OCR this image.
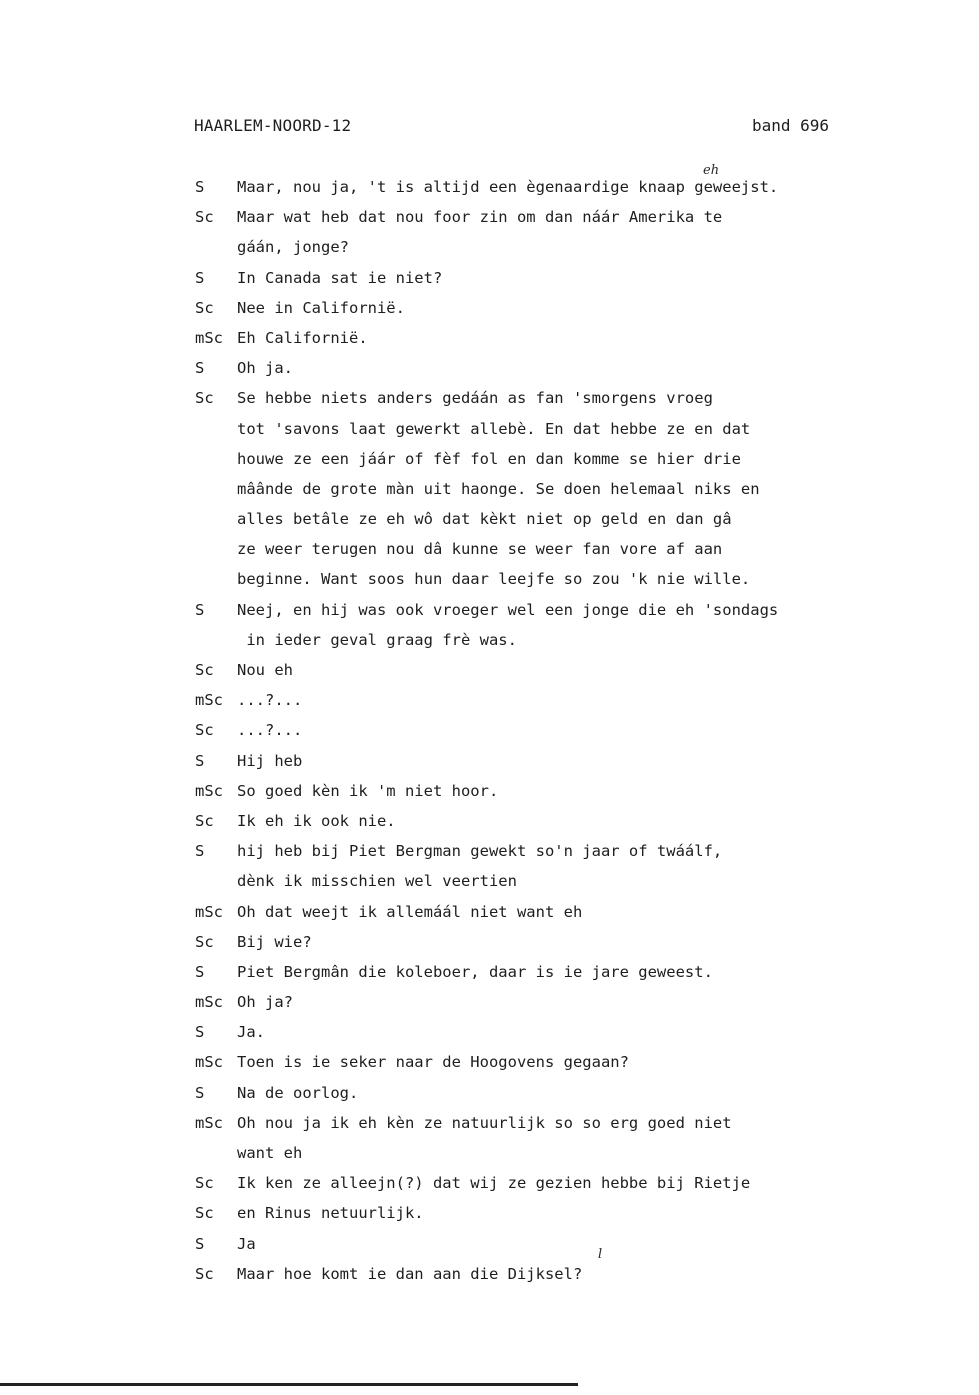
HAARLEM-NOORD-12	band 696
eh
l
S	Maar, nou ja, 't is altijd een ègenaardige knaap geweejst.
Sc	Maar wat heb dat nou foor zin om dan náár Amerika te
gáán, jonge?
S	In Canada sat ie niet?
Sc	Nee in Californië.
mSc Eh Californië.
S	Oh ja.
Sc	Se hebbe niets anders gedáán as fan 'smorgens vroeg
tot 'savons laat gewerkt allebè. En dat hebbe ze en dat
houwe ze een jáár of fèf fol en dan komme se hier drie
mâânde de grote màn uit haonge. Se doen helemaal niks en
alles betâle ze eh wô dat kèkt niet op geld en dan gâ
ze weer terugen nou dâ kunne se weer fan vore af aan
beginne. Want soos hun daar leejfe so zou 'k nie wille.
S	Neej, en hij was ook vroeger wel een jonge die eh 'sondags
in ieder geval graag frè was.
Sc	Nou eh
mSc ...?...
Sc	...?...
S	Hij heb
mSc So goed kèn ik 'm niet hoor.
Sc	Ik eh ik ook nie.
S	hij heb bij Piet Bergman gewekt so'n jaar of twáálf,
dènk ik misschien wel veertien
mSc Oh dat weejt ik allemáál niet want eh
Sc	Bij wie?
S	Piet Bergmân die koleboer, daar is ie jare geweest.
mSc Oh ja?
S	Ja.
mSc Toen is ie seker naar de Hoogovens gegaan?
S	Na de oorlog.
mSc Oh nou ja ik eh kèn ze natuurlijk so so erg goed niet
want eh
Sc	Ik ken ze alleejn(?) dat wij ze gezien hebbe bij Rietje
Sc	en Rinus netuurlijk.
S	Ja
Sc	Maar hoe komt ie dan aan die Dijksel?
